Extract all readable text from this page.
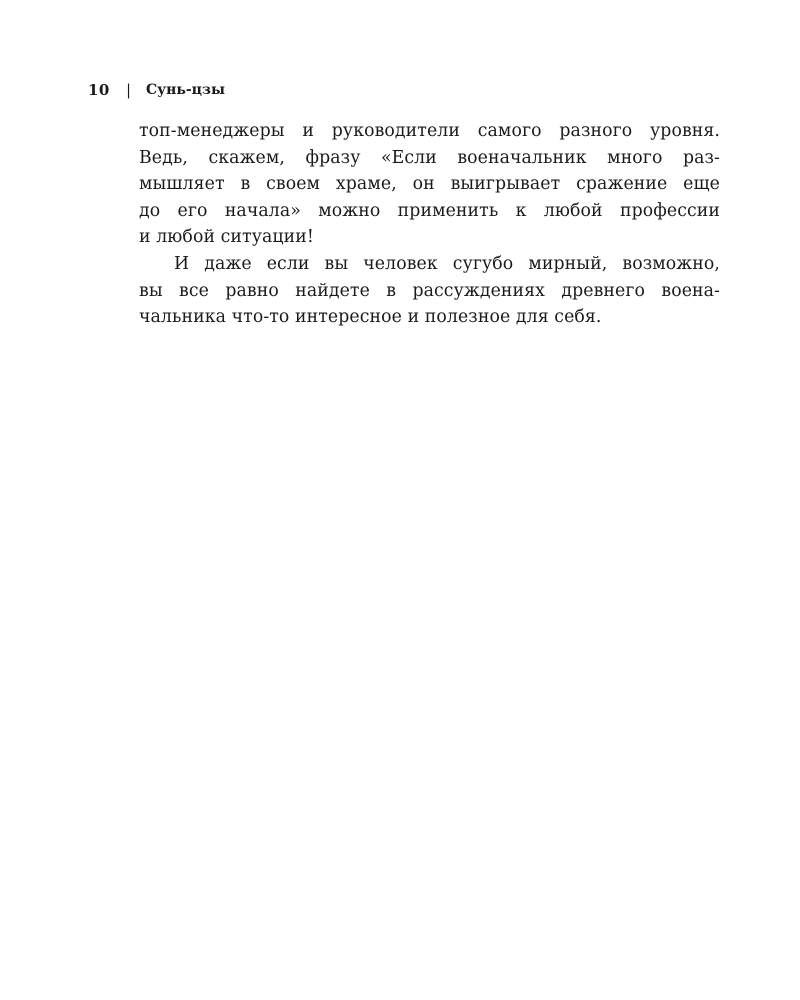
10	|	Сунь-цзы
топ-менеджеры и руководители самого разного уровня.
Ведь, скажем, фразу «Если военачальник много раз-
мышляет в своем храме, он выигрывает сражение еще
до его начала» можно применить к любой профессии
и любой ситуации!
И даже если вы человек сугубо мирный, возможно,
вы все равно найдете в рассуждениях древнего воена-
чальника что-то интересное и полезное для себя.
